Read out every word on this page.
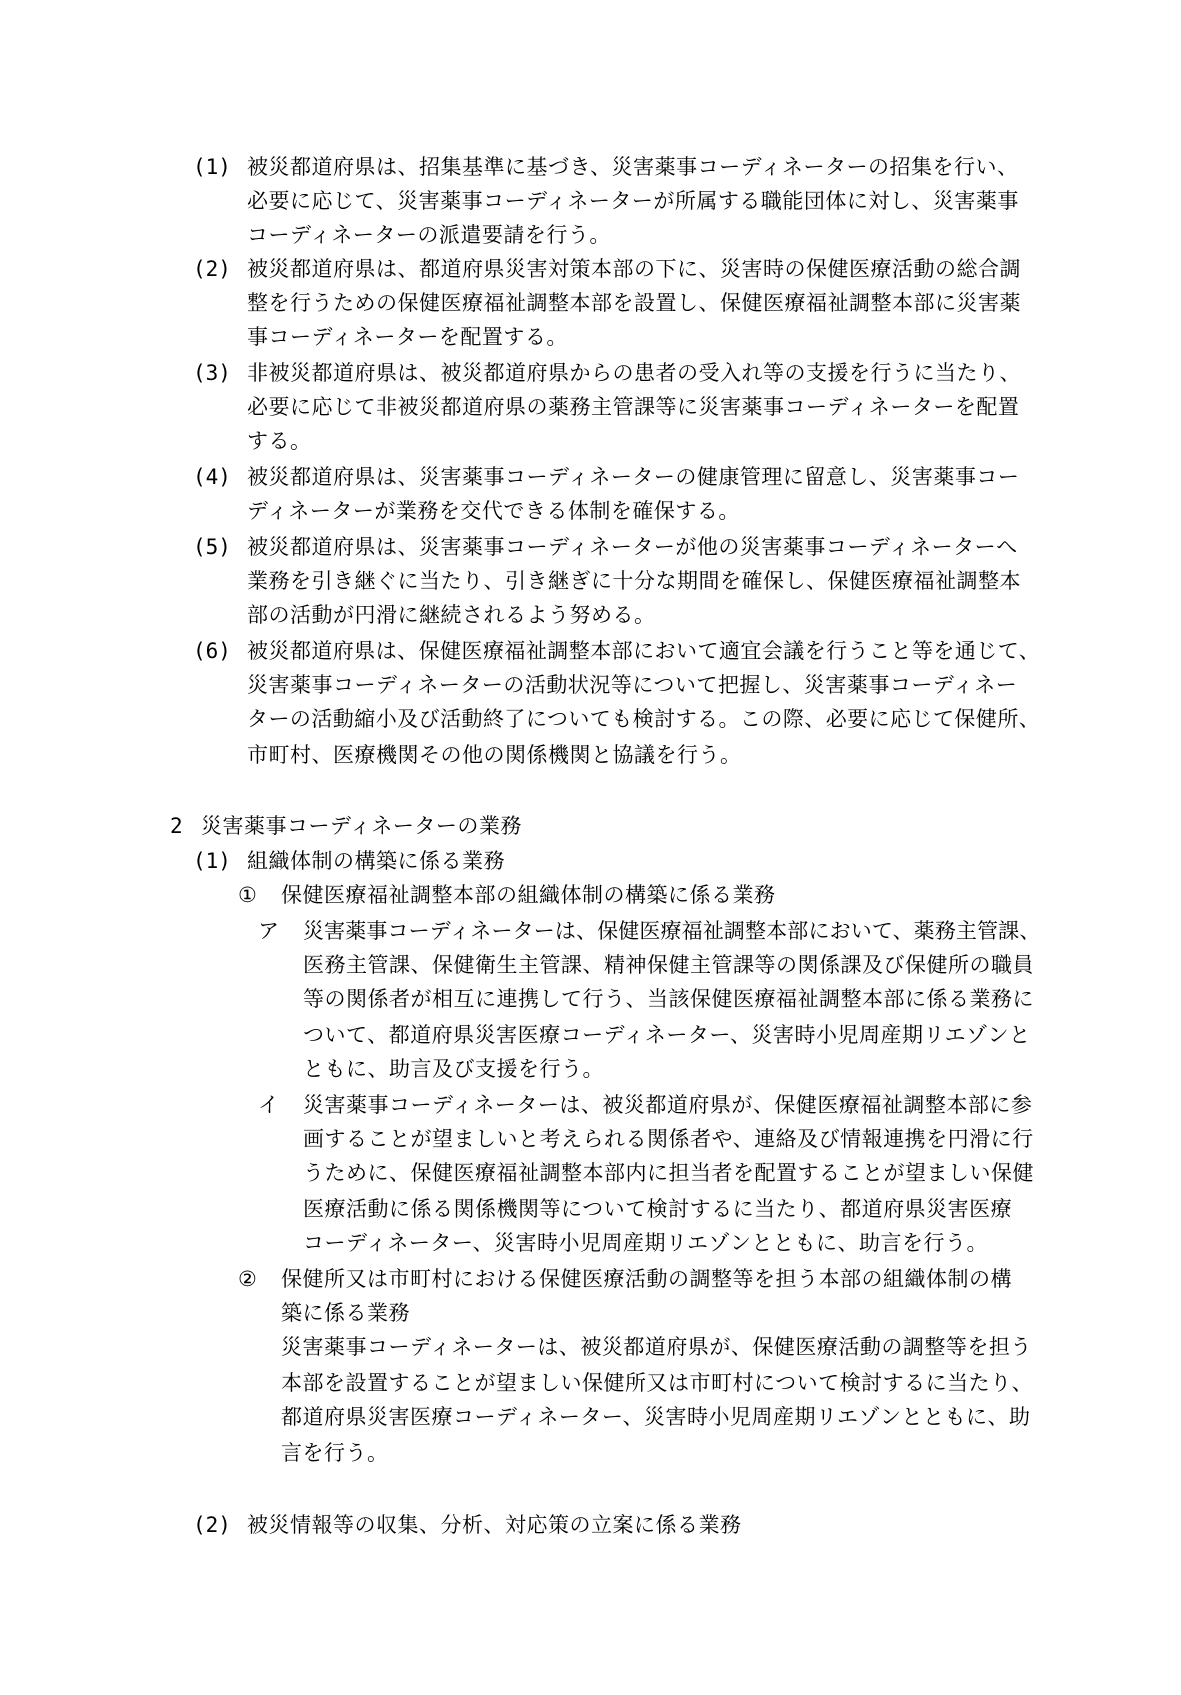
(1) 被災都道府県は、招集基準に基づき、災害薬事コーディネーターの招集を行い、
必要に応じて、災害薬事コーディネーターが所属する職能団体に対し、災害薬事
コーディネーターの派遣要請を行う。
(2) 被災都道府県は、都道府県災害対策本部の下に、災害時の保健医療活動の総合調
整を行うための保健医療福祉調整本部を設置し、保健医療福祉調整本部に災害薬
事コーディネーターを配置する。
(3) 非被災都道府県は、被災都道府県からの患者の受入れ等の支援を行うに当たり、
必要に応じて非被災都道府県の薬務主管課等に災害薬事コーディネーターを配置
する。
(4) 被災都道府県は、災害薬事コーディネーターの健康管理に留意し、災害薬事コー
ディネーターが業務を交代できる体制を確保する。
(5) 被災都道府県は、災害薬事コーディネーターが他の災害薬事コーディネーターへ
業務を引き継ぐに当たり、引き継ぎに十分な期間を確保し、保健医療福祉調整本
部の活動が円滑に継続されるよう努める。
(6) 被災都道府県は、保健医療福祉調整本部において適宜会議を行うこと等を通じて、
災害薬事コーディネーターの活動状況等について把握し、災害薬事コーディネー
ターの活動縮小及び活動終了についても検討する。この際、必要に応じて保健所、
市町村、医療機関その他の関係機関と協議を行う。
2 災害薬事コーディネーターの業務
(1) 組織体制の構築に係る業務
① 保健医療福祉調整本部の組織体制の構築に係る業務
ア 災害薬事コーディネーターは、保健医療福祉調整本部において、薬務主管課、
医務主管課、保健衛生主管課、精神保健主管課等の関係課及び保健所の職員
等の関係者が相互に連携して行う、当該保健医療福祉調整本部に係る業務に
ついて、都道府県災害医療コーディネーター、災害時小児周産期リエゾンと
ともに、助言及び支援を行う。
イ 災害薬事コーディネーターは、被災都道府県が、保健医療福祉調整本部に参
画することが望ましいと考えられる関係者や、連絡及び情報連携を円滑に行
うために、保健医療福祉調整本部内に担当者を配置することが望ましい保健
医療活動に係る関係機関等について検討するに当たり、都道府県災害医療
コーディネーター、災害時小児周産期リエゾンとともに、助言を行う。
② 保健所又は市町村における保健医療活動の調整等を担う本部の組織体制の構
築に係る業務
災害薬事コーディネーターは、被災都道府県が、保健医療活動の調整等を担う
本部を設置することが望ましい保健所又は市町村について検討するに当たり、
都道府県災害医療コーディネーター、災害時小児周産期リエゾンとともに、助
言を行う。
(2) 被災情報等の収集、分析、対応策の立案に係る業務
